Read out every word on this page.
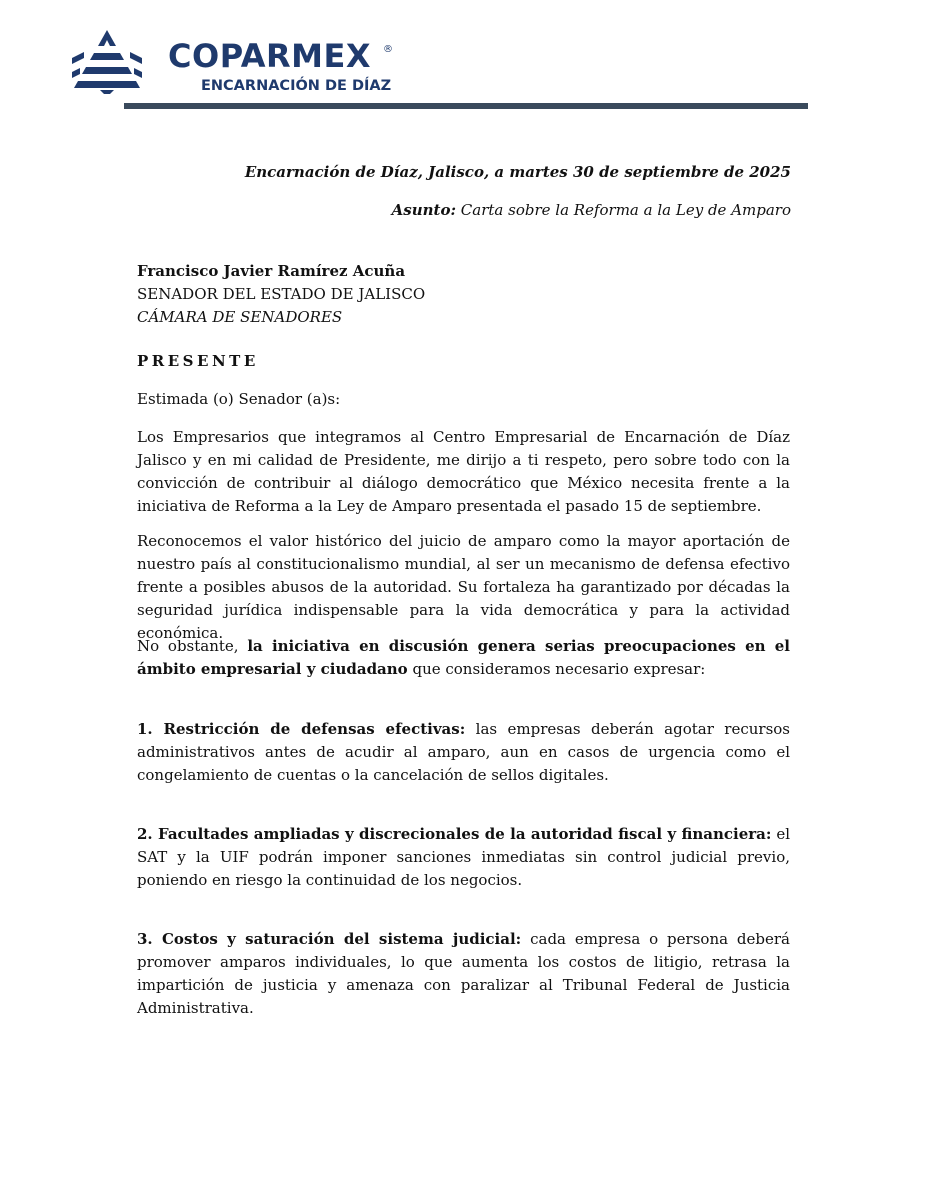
COPARMEX ®
ENCARNACIÓN DE DÍAZ
Encarnación de Díaz, Jalisco, a martes 30 de septiembre de 2025
Asunto: Carta sobre la Reforma a la Ley de Amparo

Francisco Javier Ramírez Acuña

SENADOR DEL ESTADO DE JALISCO

CÁMARA DE SENADORES

PRESENTE
Estimada (o) Senador (a)s:
Los Empresarios que integramos al Centro Empresarial de Encarnación de Díaz Jalisco y en mi calidad de Presidente, me dirijo a ti respeto, pero sobre todo con la convicción de contribuir al diálogo democrático que México necesita frente a la iniciativa de Reforma a la Ley de Amparo presentada el pasado 15 de septiembre.
Reconocemos el valor histórico del juicio de amparo como la mayor aportación de nuestro país al constitucionalismo mundial, al ser un mecanismo de defensa efectivo frente a posibles abusos de la autoridad. Su fortaleza ha garantizado por décadas la seguridad jurídica indispensable para la vida democrática y para la actividad económica.
No obstante, la iniciativa en discusión genera serias preocupaciones en el ámbito empresarial y ciudadano que consideramos necesario expresar:
1. Restricción de defensas efectivas: las empresas deberán agotar recursos administrativos antes de acudir al amparo, aun en casos de urgencia como el congelamiento de cuentas o la cancelación de sellos digitales.
2. Facultades ampliadas y discrecionales de la autoridad fiscal y financiera: el SAT y la UIF podrán imponer sanciones inmediatas sin control judicial previo, poniendo en riesgo la continuidad de los negocios.
3. Costos y saturación del sistema judicial: cada empresa o persona deberá promover amparos individuales, lo que aumenta los costos de litigio, retrasa la impartición de justicia y amenaza con paralizar al Tribunal Federal de Justicia Administrativa.
